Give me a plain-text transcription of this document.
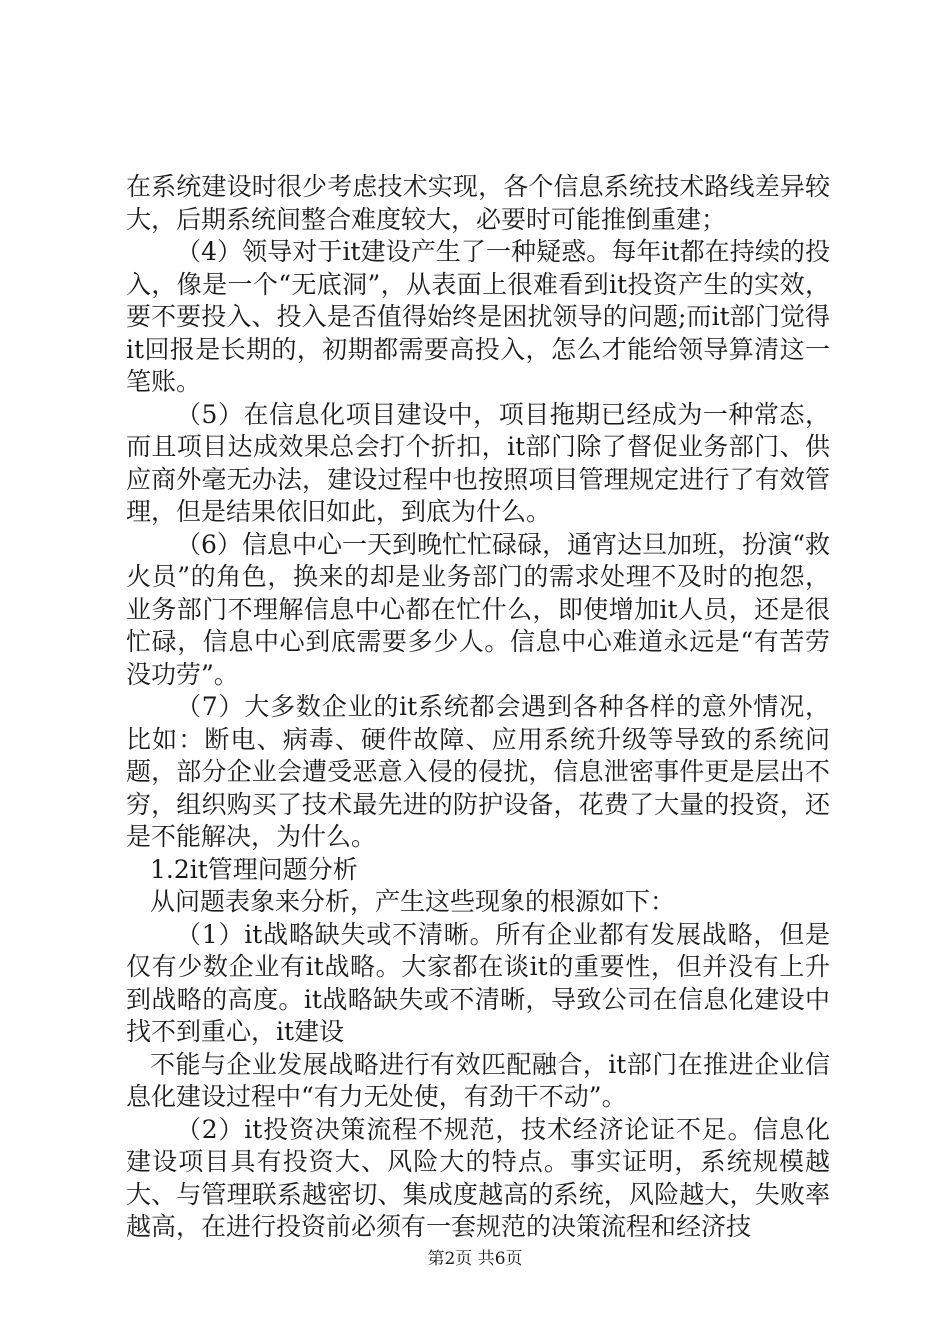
在系统建设时很少考虑技术实现，各个信息系统技术路线差异较大，后期系统间整合难度较大，必要时可能推倒重建；

（4）领导对于it建设产生了一种疑惑。每年it都在持续的投入，像是一个“无底洞”，从表面上很难看到it投资产生的实效，要不要投入、投入是否值得始终是困扰领导的问题;而it部门觉得it回报是长期的，初期都需要高投入，怎么才能给领导算清这一笔账。

（5）在信息化项目建设中，项目拖期已经成为一种常态，而且项目达成效果总会打个折扣，it部门除了督促业务部门、供应商外毫无办法，建设过程中也按照项目管理规定进行了有效管理，但是结果依旧如此，到底为什么。

（6）信息中心一天到晚忙忙碌碌，通宵达旦加班，扮演“救火员”的角色，换来的却是业务部门的需求处理不及时的抱怨，业务部门不理解信息中心都在忙什么，即使增加it人员，还是很忙碌，信息中心到底需要多少人。信息中心难道永远是“有苦劳没功劳”。

（7）大多数企业的it系统都会遇到各种各样的意外情况，比如：断电、病毒、硬件故障、应用系统升级等导致的系统问题，部分企业会遭受恶意入侵的侵扰，信息泄密事件更是层出不穷，组织购买了技术最先进的防护设备，花费了大量的投资，还是不能解决，为什么。

1.2it管理问题分析

从问题表象来分析，产生这些现象的根源如下：

（1）it战略缺失或不清晰。所有企业都有发展战略，但是仅有少数企业有it战略。大家都在谈it的重要性，但并没有上升到战略的高度。it战略缺失或不清晰，导致公司在信息化建设中找不到重心，it建设

不能与企业发展战略进行有效匹配融合，it部门在推进企业信息化建设过程中“有力无处使，有劲干不动”。

（2）it投资决策流程不规范，技术经济论证不足。信息化建设项目具有投资大、风险大的特点。事实证明，系统规模越大、与管理联系越密切、集成度越高的系统，风险越大，失败率越高，在进行投资前必须有一套规范的决策流程和经济技

第2页 共6页
